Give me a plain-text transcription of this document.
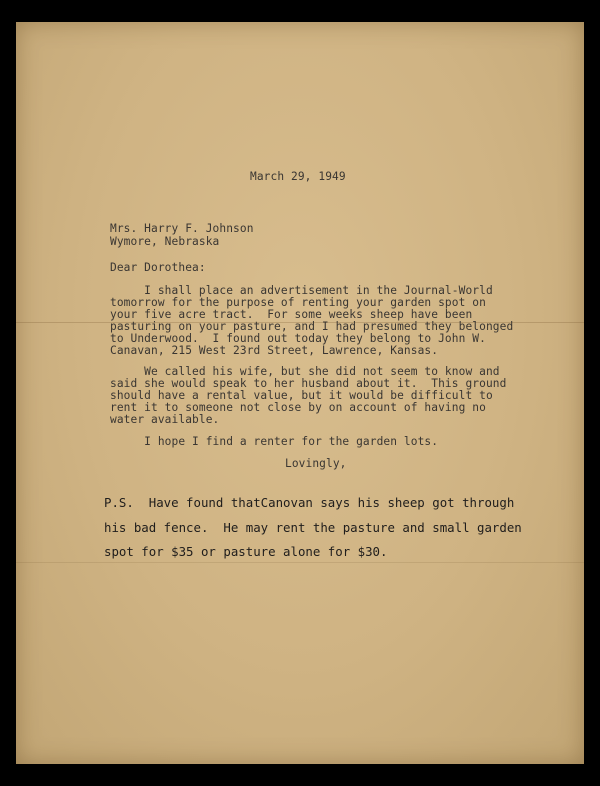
March 29, 1949
Mrs. Harry F. Johnson
Wymore, Nebraska
Dear Dorothea:
I shall place an advertisement in the Journal-World
tomorrow for the purpose of renting your garden spot on
your five acre tract.  For some weeks sheep have been
pasturing on your pasture, and I had presumed they belonged
to Underwood.  I found out today they belong to John W.
Canavan, 215 West 23rd Street, Lawrence, Kansas.
We called his wife, but she did not seem to know and
said she would speak to her husband about it.  This ground
should have a rental value, but it would be difficult to
rent it to someone not close by on account of having no
water available.
I hope I find a renter for the garden lots.
Lovingly,
P.S.  Have found thatCanovan says his sheep got through
his bad fence.  He may rent the pasture and small garden
spot for $35 or pasture alone for $30.
